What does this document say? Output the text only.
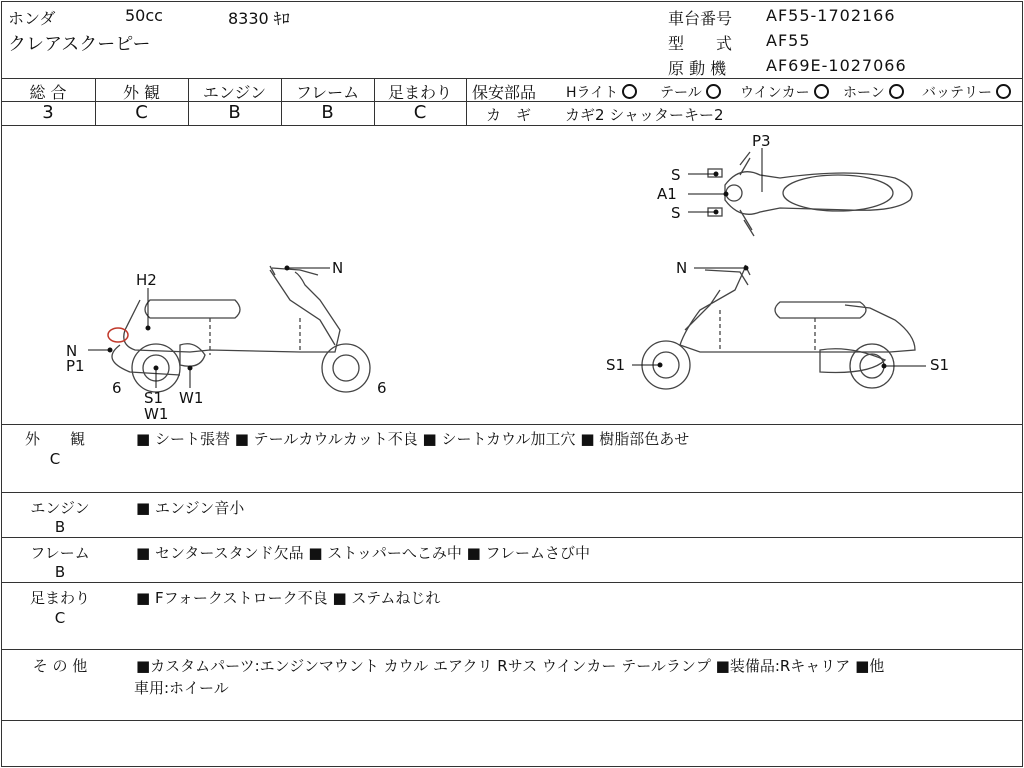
ホンダ	50cc	8330 ｷﾛ
クレアスクーピー
車台番号 AF55-1702166
型　　式 AF55
原 動 機 AF69E-1027066
総 合	外 観	エンジン	フレーム	足まわり
3	C	B	B	C
保安部品 Hライト	テール	ウインカー	ホーン	バッテリー
カ　ギ カギ2 シャッターキー2
P3
S
A1
S
N
H2
N
P1
6
S1
W1
W1
6
N
S1	S1
外　　観
C
■ シート張替 ■ テールカウルカット不良 ■ シートカウル加工穴 ■ 樹脂部色あせ
エンジン
B
■ エンジン音小
フレーム
B
■ センタースタンド欠品 ■ ストッパーへこみ中 ■ フレームさび中
足まわり
C
■ Fフォークストローク不良 ■ ステムねじれ
そ の 他	■カスタムパーツ:エンジンマウント カウル エアクリ Rサス ウインカー テールランプ ■装備品:Rキャリア ■他
車用:ホイール
